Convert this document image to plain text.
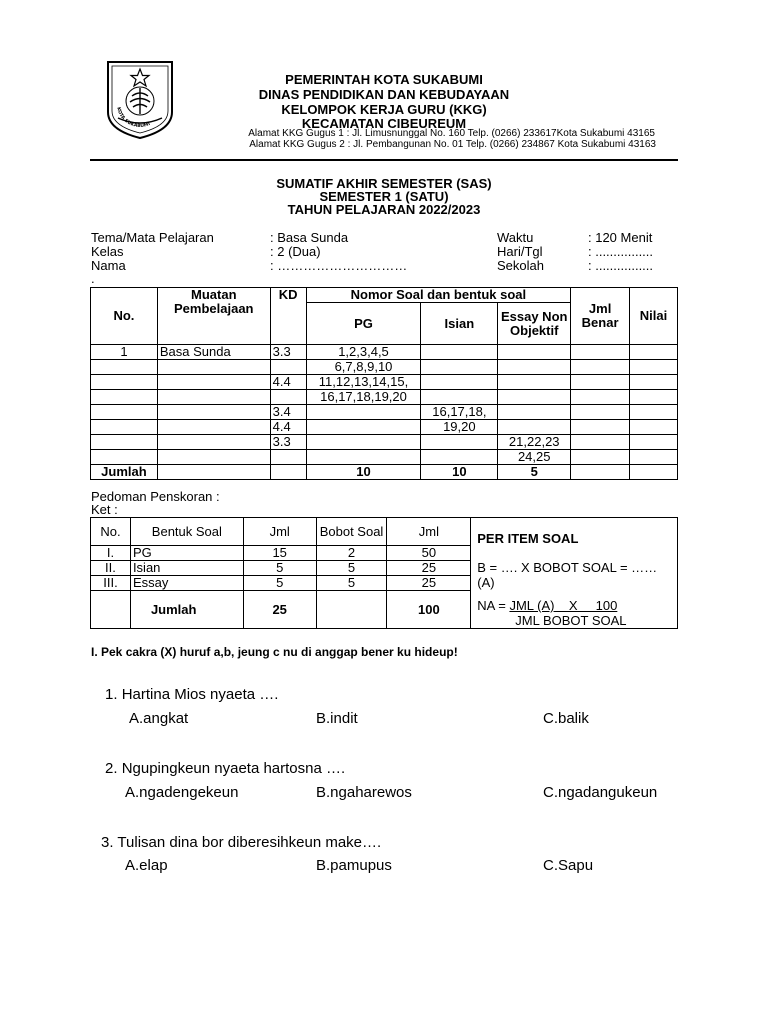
KOTA SUKABUMI
PEMERINTAH KOTA SUKABUMI
DINAS PENDIDIKAN DAN KEBUDAYAAN
KELOMPOK KERJA GURU (KKG)
KECAMATAN CIBEUREUM
Alamat KKG Gugus 1 : Jl. Limusnunggal No. 160 Telp. (0266) 233617Kota Sukabumi 43165
Alamat KKG Gugus 2 : Jl. Pembangunan No. 01 Telp. (0266) 234867 Kota Sukabumi 43163
SUMATIF AKHIR SEMESTER (SAS)
SEMESTER 1 (SATU)
TAHUN PELAJARAN 2022/2023
Tema/Mata Pelajaran	: Basa Sunda
Kelas	: 2 (Dua)
Nama	: …………………………
.
Waktu	: 120 Menit
Hari/Tgl	: ................
Sekolah	: ................
No.	Muatan Pembelajaan	KD	Nomor Soal dan bentuk soal			Jml Benar	Nilai
			PG	Isian	Essay Non Objektif		
1	Basa Sunda	3.3	1,2,3,4,5				
			6,7,8,9,10				
		4.4	11,12,13,14,15,				
			16,17,18,19,20				
		3.4		16,17,18,			
		4.4		19,20			
		3.3			21,22,23		
					24,25		
Jumlah			10	10	5		
Pedoman Penskoran :
Ket :
No.	Bentuk Soal	Jml	Bobot Soal	Jml	PER ITEM SOAL
B = …. X BOBOT SOAL = ……(A)
NA = JML (A)    X     100
JML BOBOT SOAL

I.	PG	15	2	50	
II.	Isian	5	5	25	
III.	Essay	5	5	25	
	Jumlah	25		100	
I. Pek cakra (X) huruf a,b, jeung c nu di anggap bener ku hideup!
1. Hartina Mios nyaeta ….
A.angkat	B.indit	C.balik
2. Ngupingkeun nyaeta hartosna ….
A.ngadengekeun	B.ngaharewos	C.ngadangukeun
3. Tulisan dina bor diberesihkeun make….
A.elap	B.pamupus	C.Sapu
